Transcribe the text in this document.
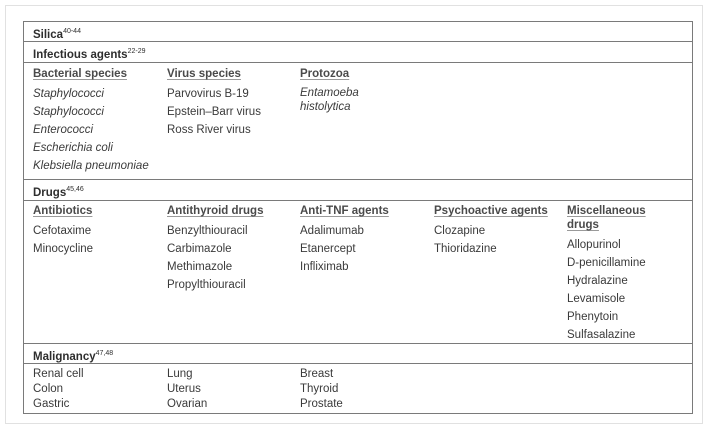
Silica$^{40-44}$
Infectious agents$^{22-29}$
Bacterial species
Staphylococci
Staphylococci
Enterococci
Escherichia coli
Klebsiella pneumoniae
Virus species
Parvovirus B-19
Epstein–Barr virus
Ross River virus
Protozoa
Entamoeba histolytica
Drugs$^{45,46}$
Antibiotics
Cefotaxime
Minocycline
Antithyroid drugs
Benzylthiouracil
Carbimazole
Methimazole
Propylthiouracil
Anti-TNF agents
Adalimumab
Etanercept
Infliximab
Psychoactive agents
Clozapine
Thioridazine
Miscellaneous drugs
Allopurinol
D-penicillamine
Hydralazine
Levamisole
Phenytoin
Sulfasalazine
Malignancy$^{47,48}$
Renal cell
Colon
Gastric
Lung
Uterus
Ovarian
Breast
Thyroid
Prostate
